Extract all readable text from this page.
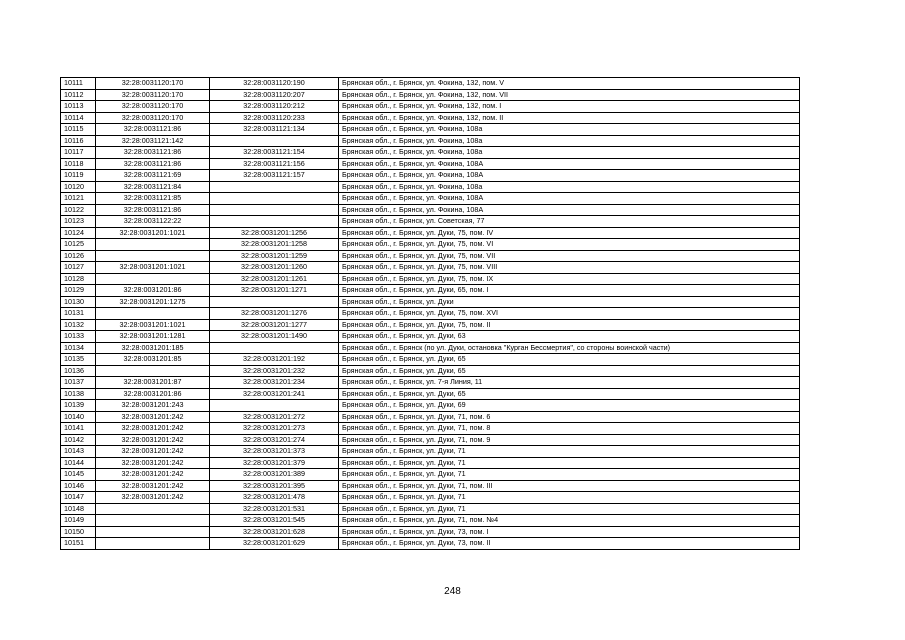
10111	32:28:0031120:170	32:28:0031120:190	Брянская обл., г. Брянск, ул. Фокина, 132, пом. V
10112	32:28:0031120:170	32:28:0031120:207	Брянская обл., г. Брянск, ул. Фокина, 132, пом. VII
10113	32:28:0031120:170	32:28:0031120:212	Брянская обл., г. Брянск, ул. Фокина, 132, пом. I
10114	32:28:0031120:170	32:28:0031120:233	Брянская обл., г. Брянск, ул. Фокина, 132, пом. II
10115	32:28:0031121:86	32:28:0031121:134	Брянская обл., г. Брянск, ул. Фокина, 108а
10116	32:28:0031121:142		Брянская обл., г. Брянск, ул. Фокина, 108а
10117	32:28:0031121:86	32:28:0031121:154	Брянская обл., г. Брянск, ул. Фокина, 108а
10118	32:28:0031121:86	32:28:0031121:156	Брянская обл., г. Брянск, ул. Фокина, 108А
10119	32:28:0031121:69	32:28:0031121:157	Брянская обл., г. Брянск, ул. Фокина, 108А
10120	32:28:0031121:84		Брянская обл., г. Брянск, ул. Фокина, 108а
10121	32:28:0031121:85		Брянская обл., г. Брянск, ул. Фокина, 108А
10122	32:28:0031121:86		Брянская обл., г. Брянск, ул. Фокина, 108А
10123	32:28:0031122:22		Брянская обл., г. Брянск, ул. Советская, 77
10124	32:28:0031201:1021	32:28:0031201:1256	Брянская обл., г. Брянск, ул. Дуки, 75, пом. IV
10125		32:28:0031201:1258	Брянская обл., г. Брянск, ул. Дуки, 75, пом. VI
10126		32:28:0031201:1259	Брянская обл., г. Брянск, ул. Дуки, 75, пом. VII
10127	32:28:0031201:1021	32:28:0031201:1260	Брянская обл., г. Брянск, ул. Дуки, 75, пом. VIII
10128		32:28:0031201:1261	Брянская обл., г. Брянск, ул. Дуки, 75, пом. IX
10129	32:28:0031201:86	32:28:0031201:1271	Брянская обл., г. Брянск, ул. Дуки, 65, пом. I
10130	32:28:0031201:1275		Брянская обл., г. Брянск, ул. Дуки
10131		32:28:0031201:1276	Брянская обл., г. Брянск, ул. Дуки, 75, пом. XVI
10132	32:28:0031201:1021	32:28:0031201:1277	Брянская обл., г. Брянск, ул. Дуки, 75, пом. II
10133	32:28:0031201:1281	32:28:0031201:1490	Брянская обл., г. Брянск, ул. Дуки, 63
10134	32:28:0031201:185		Брянская обл., г. Брянск (по ул. Дуки, остановка "Курган Бессмертия", со стороны воинской части)
10135	32:28:0031201:85	32:28:0031201:192	Брянская обл., г. Брянск, ул. Дуки, 65
10136		32:28:0031201:232	Брянская обл., г. Брянск, ул. Дуки, 65
10137	32:28:0031201:87	32:28:0031201:234	Брянская обл., г. Брянск, ул. 7-я Линия, 11
10138	32:28:0031201:86	32:28:0031201:241	Брянская обл., г. Брянск, ул. Дуки, 65
10139	32:28:0031201:243		Брянская обл., г. Брянск, ул. Дуки, 69
10140	32:28:0031201:242	32:28:0031201:272	Брянская обл., г. Брянск, ул. Дуки, 71, пом. 6
10141	32:28:0031201:242	32:28:0031201:273	Брянская обл., г. Брянск, ул. Дуки, 71, пом. 8
10142	32:28:0031201:242	32:28:0031201:274	Брянская обл., г. Брянск, ул. Дуки, 71, пом. 9
10143	32:28:0031201:242	32:28:0031201:373	Брянская обл., г. Брянск, ул. Дуки, 71
10144	32:28:0031201:242	32:28:0031201:379	Брянская обл., г. Брянск, ул. Дуки, 71
10145	32:28:0031201:242	32:28:0031201:389	Брянская обл., г. Брянск, ул. Дуки, 71
10146	32:28:0031201:242	32:28:0031201:395	Брянская обл., г. Брянск, ул. Дуки, 71, пом. III
10147	32:28:0031201:242	32:28:0031201:478	Брянская обл., г. Брянск, ул. Дуки, 71
10148		32:28:0031201:531	Брянская обл., г. Брянск, ул. Дуки, 71
10149		32:28:0031201:545	Брянская обл., г. Брянск, ул. Дуки, 71, пом. №4
10150		32:28:0031201:628	Брянская обл., г. Брянск, ул. Дуки, 73, пом. I
10151		32:28:0031201:629	Брянская обл., г. Брянск, ул. Дуки, 73, пом. II
248
